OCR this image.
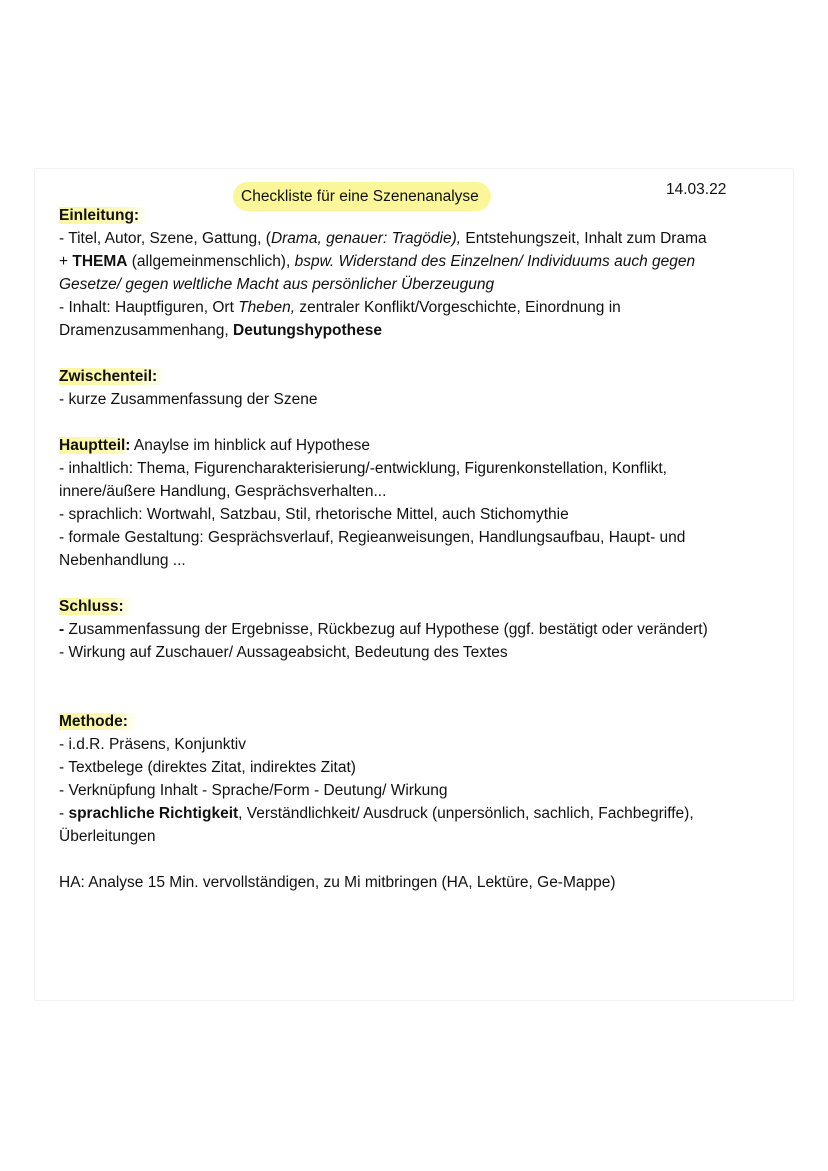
Checkliste für eine Szenenanalyse	14.03.22
Einleitung:
- Titel, Autor, Szene, Gattung, (Drama, genauer: Tragödie), Entstehungszeit, Inhalt zum Drama
+ THEMA (allgemeinmenschlich), bspw. Widerstand des Einzelnen/ Individuums auch gegen
Gesetze/ gegen weltliche Macht aus persönlicher Überzeugung
- Inhalt: Hauptfiguren, Ort Theben, zentraler Konflikt/Vorgeschichte, Einordnung in
Dramenzusammenhang, Deutungshypothese
Zwischenteil:
- kurze Zusammenfassung der Szene
Hauptteil: Anaylse im hinblick auf Hypothese
- inhaltlich: Thema, Figurencharakterisierung/-entwicklung, Figurenkonstellation, Konflikt,
innere/äußere Handlung, Gesprächsverhalten...
- sprachlich: Wortwahl, Satzbau, Stil, rhetorische Mittel, auch Stichomythie
- formale Gestaltung: Gesprächsverlauf, Regieanweisungen, Handlungsaufbau, Haupt- und
Nebenhandlung ...
Schluss:
- Zusammenfassung der Ergebnisse, Rückbezug auf Hypothese (ggf. bestätigt oder verändert)
- Wirkung auf Zuschauer/ Aussageabsicht, Bedeutung des Textes
Methode:
- i.d.R. Präsens, Konjunktiv
- Textbelege (direktes Zitat, indirektes Zitat)
- Verknüpfung Inhalt - Sprache/Form - Deutung/ Wirkung
- sprachliche Richtigkeit, Verständlichkeit/ Ausdruck (unpersönlich, sachlich, Fachbegriffe),
Überleitungen
HA: Analyse 15 Min. vervollständigen, zu Mi mitbringen (HA, Lektüre, Ge-Mappe)
